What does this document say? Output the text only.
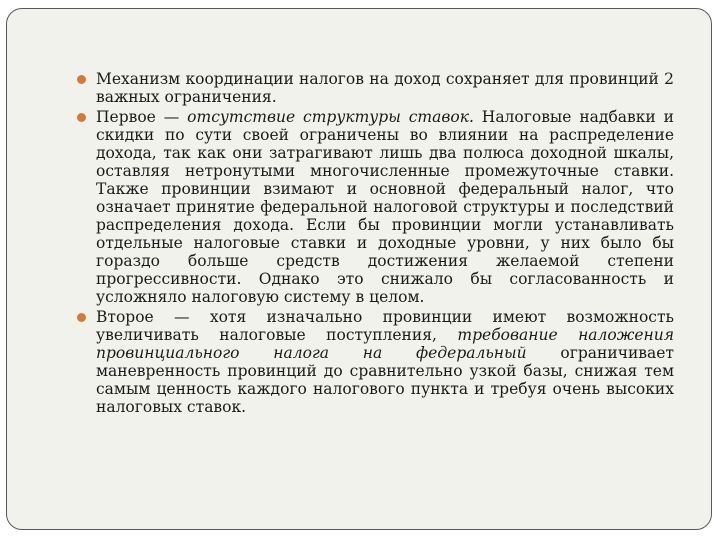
Механизм координации налогов на доход сохраняет для провинций 2 важных ограничения.

Первое — отсутствие структуры ставок. Налоговые надбавки и скидки по сути своей ограничены во влиянии на распределение дохода, так как они затрагивают лишь два полюса доходной шкалы, оставляя нетронутыми многочисленные промежуточные ставки. Также провинции взимают и основной федеральный налог, что означает принятие федеральной налоговой структуры и последствий распределения дохода. Если бы провинции могли устанавливать отдельные налоговые ставки и доходные уровни, у них было бы гораздо больше средств достижения желаемой степени прогрессивности. Однако это снижало бы согласованность и усложняло налоговую систему в целом.

Второе — хотя изначально провинции имеют возможность увеличивать налоговые поступления, требование наложения провинциального налога на федеральный ограничивает маневренность провинций до сравнительно узкой базы, снижая тем самым ценность каждого налогового пункта и требуя очень высоких налоговых ставок.
